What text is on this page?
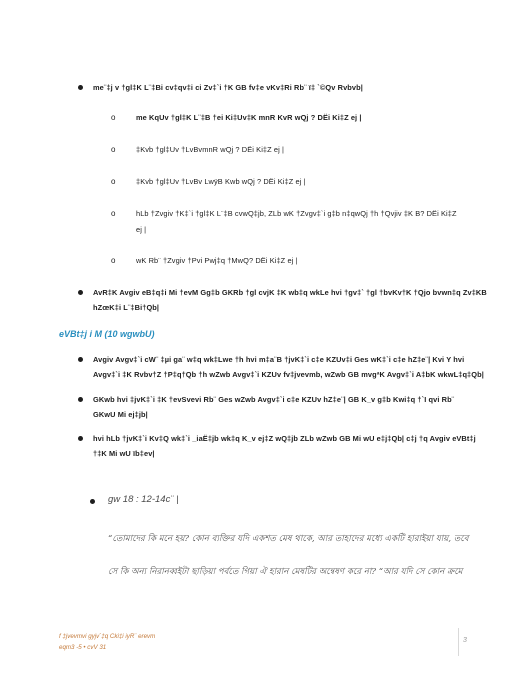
me¨‡j v †gl‡K L¨‡Bi cv‡qv‡i ci Zv‡`i †K GB fv‡e vKv‡Ri Rb¨ ï‡ `©Qv Rvbvb|
o	me KqUv †gl‡K L¨‡B †ei Ki‡Uv‡K mnR KvR wQj ? DËi Ki‡Z ej |
o	‡Kvb †gl‡Uv †LvBvmnR wQj ? DËi Ki‡Z ej |
o	‡Kvb †gl‡Uv †LvBv LwÿB Kwb wQj ? DËi Ki‡Z ej |
o	hLb †Zvgiv †K‡`i †gl‡K L¨‡B cvwQ‡jb, ZLb wK †Zvgv‡`i g‡b n‡qwQj †h †Qvjiv ‡K B? DËi Ki‡Z
ej |
o	wK Rb¨ †Zvgiv †Pvi Pwj‡q †MwQ? DËi Ki‡Z ej |
AvR‡K Avgiv eB‡q‡i Mi †evM Gg‡b GKRb †gl cvjK ‡K wb‡q wkLe hvi †gv‡` †gl †bvKv†K †Qjo bvwn‡q Zv‡KB
hZœK‡i L¨‡Bi†Qb|
eVBt‡j i M (10 wgwbU)
Avgiv Avgv‡`i cW¨ ‡µi ga¨ w‡q wk‡Lwe †h hvi m‡a¨B †jvK‡`i c‡e KZUv‡i Ges wK‡`i c‡e hZ‡e¨| Kvi Y hvi
Avgv‡`i ‡K Rvbv†Z †P‡q†Qb †h wZwb Avgv‡`i KZUv fv‡jvevmb, wZwb GB mvgªK Avgv‡`i A‡bK wkwL‡q‡Qb|
GKwb hvi ‡jvK‡`i ‡K †evSvevi Rb¨ Ges wZwb Avgv‡`i c‡e KZUv hZ‡e¨| GB K_v g‡b Kwi‡q †`I qvi Rb¨
GKwU Mi ej‡jb|
hvi hLb †jvK‡`i Kv‡Q wk‡`i _iaË‡jb wk‡q K_v ej‡Z wQ‡jb ZLb wZwb GB Mi wU e‡j‡Qb| c‡j †q Avgiv eVBt‡j
†‡K Mi wU ïb‡ev|
gw 18 : 12-14c¨ |
“তোমাদের কি মনে হয়? কোন ব্যক্তির যদি একশত মেষ থাকে, আর তাহাদের মধ্যে একটি হারাইয়া যায়, তবে
সে কি অন্য নিরানব্বইটা ছাড়িয়া পর্বতে গিয়া ঐ হারান মেষটির অন্বেষণ করে না? “আর যদি সে কোন ক্রমে
f ‡jvevmvi gyjv`‡q Cki‡i iyR¨ erevm
eqm3 -5 • cvV 31
3
